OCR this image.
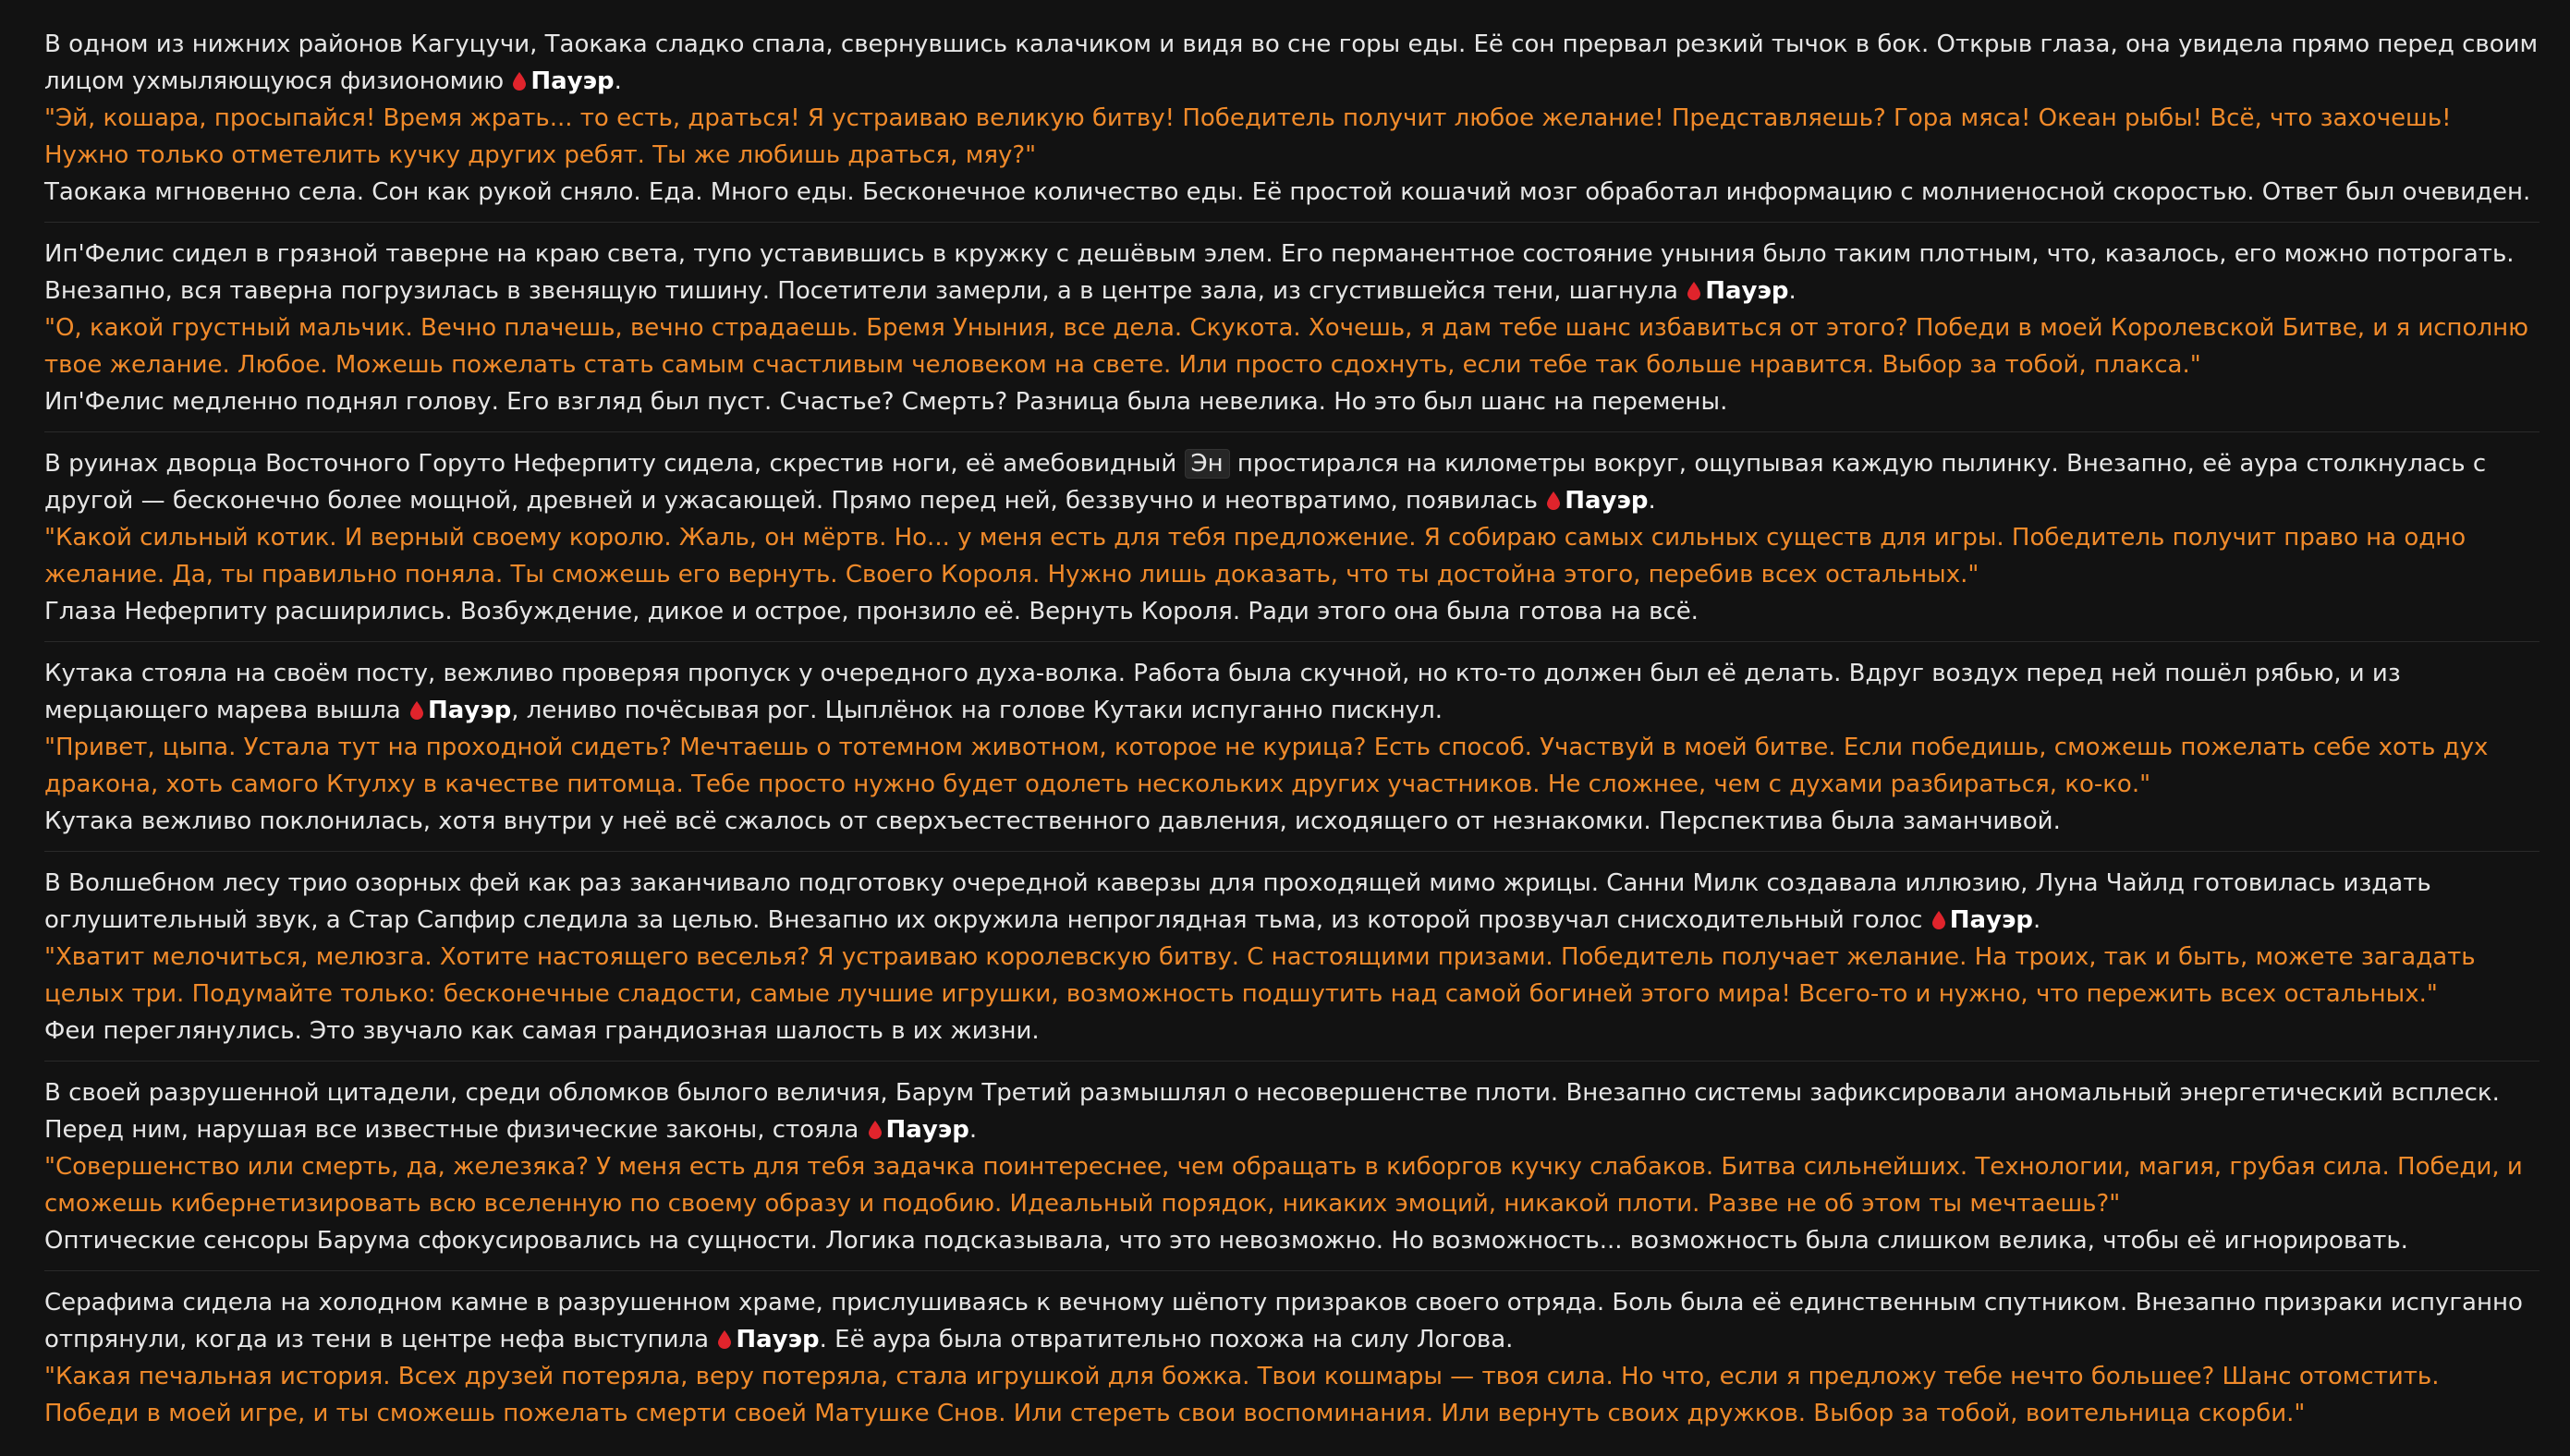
В одном из нижних районов Кагуцучи, Таокака сладко спала, свернувшись калачиком и видя во сне горы еды. Её сон прервал резкий тычок в бок. Открыв глаза, она увидела прямо перед своим лицом ухмыляющуюся физиономию Пауэр.

"Эй, кошара, просыпайся! Время жрать... то есть, драться! Я устраиваю великую битву! Победитель получит любое желание! Представляешь? Гора мяса! Океан рыбы! Всё, что захочешь! Нужно только отметелить кучку других ребят. Ты же любишь драться, мяу?"

Таокака мгновенно села. Сон как рукой сняло. Еда. Много еды. Бесконечное количество еды. Её простой кошачий мозг обработал информацию с молниеносной скоростью. Ответ был очевиден.

Ип'Фелис сидел в грязной таверне на краю света, тупо уставившись в кружку с дешёвым элем. Его перманентное состояние уныния было таким плотным, что, казалось, его можно потрогать. Внезапно, вся таверна погрузилась в звенящую тишину. Посетители замерли, а в центре зала, из сгустившейся тени, шагнула Пауэр.

"О, какой грустный мальчик. Вечно плачешь, вечно страдаешь. Бремя Уныния, все дела. Скукота. Хочешь, я дам тебе шанс избавиться от этого? Победи в моей Королевской Битве, и я исполню твое желание. Любое. Можешь пожелать стать самым счастливым человеком на свете. Или просто сдохнуть, если тебе так больше нравится. Выбор за тобой, плакса."

Ип'Фелис медленно поднял голову. Его взгляд был пуст. Счастье? Смерть? Разница была невелика. Но это был шанс на перемены.

В руинах дворца Восточного Горуто Неферпиту сидела, скрестив ноги, её амебовидный Эн простирался на километры вокруг, ощупывая каждую пылинку. Внезапно, её аура столкнулась с другой — бесконечно более мощной, древней и ужасающей. Прямо перед ней, беззвучно и неотвратимо, появилась Пауэр.

"Какой сильный котик. И верный своему королю. Жаль, он мёртв. Но... у меня есть для тебя предложение. Я собираю самых сильных существ для игры. Победитель получит право на одно желание. Да, ты правильно поняла. Ты сможешь его вернуть. Своего Короля. Нужно лишь доказать, что ты достойна этого, перебив всех остальных."

Глаза Неферпиту расширились. Возбуждение, дикое и острое, пронзило её. Вернуть Короля. Ради этого она была готова на всё.

Кутака стояла на своём посту, вежливо проверяя пропуск у очередного духа-волка. Работа была скучной, но кто-то должен был её делать. Вдруг воздух перед ней пошёл рябью, и из мерцающего марева вышла Пауэр, лениво почёсывая рог. Цыплёнок на голове Кутаки испуганно пискнул.

"Привет, цыпа. Устала тут на проходной сидеть? Мечтаешь о тотемном животном, которое не курица? Есть способ. Участвуй в моей битве. Если победишь, сможешь пожелать себе хоть дух дракона, хоть самого Ктулху в качестве питомца. Тебе просто нужно будет одолеть нескольких других участников. Не сложнее, чем с духами разбираться, ко-ко."

Кутака вежливо поклонилась, хотя внутри у неё всё сжалось от сверхъестественного давления, исходящего от незнакомки. Перспектива была заманчивой.

В Волшебном лесу трио озорных фей как раз заканчивало подготовку очередной каверзы для проходящей мимо жрицы. Санни Милк создавала иллюзию, Луна Чайлд готовилась издать оглушительный звук, а Стар Сапфир следила за целью. Внезапно их окружила непроглядная тьма, из которой прозвучал снисходительный голос Пауэр.

"Хватит мелочиться, мелюзга. Хотите настоящего веселья? Я устраиваю королевскую битву. С настоящими призами. Победитель получает желание. На троих, так и быть, можете загадать целых три. Подумайте только: бесконечные сладости, самые лучшие игрушки, возможность подшутить над самой богиней этого мира! Всего-то и нужно, что пережить всех остальных."

Феи переглянулись. Это звучало как самая грандиозная шалость в их жизни.

В своей разрушенной цитадели, среди обломков былого величия, Барум Третий размышлял о несовершенстве плоти. Внезапно системы зафиксировали аномальный энергетический всплеск. Перед ним, нарушая все известные физические законы, стояла Пауэр.

"Совершенство или смерть, да, железяка? У меня есть для тебя задачка поинтереснее, чем обращать в киборгов кучку слабаков. Битва сильнейших. Технологии, магия, грубая сила. Победи, и сможешь кибернетизировать всю вселенную по своему образу и подобию. Идеальный порядок, никаких эмоций, никакой плоти. Разве не об этом ты мечтаешь?"

Оптические сенсоры Барума сфокусировались на сущности. Логика подсказывала, что это невозможно. Но возможность... возможность была слишком велика, чтобы её игнорировать.

Серафима сидела на холодном камне в разрушенном храме, прислушиваясь к вечному шёпоту призраков своего отряда. Боль была её единственным спутником. Внезапно призраки испуганно отпрянули, когда из тени в центре нефа выступила Пауэр. Её аура была отвратительно похожа на силу Логова.

"Какая печальная история. Всех друзей потеряла, веру потеряла, стала игрушкой для божка. Твои кошмары — твоя сила. Но что, если я предложу тебе нечто большее? Шанс отомстить. Победи в моей игре, и ты сможешь пожелать смерти своей Матушке Снов. Или стереть свои воспоминания. Или вернуть своих дружков. Выбор за тобой, воительница скорби."
